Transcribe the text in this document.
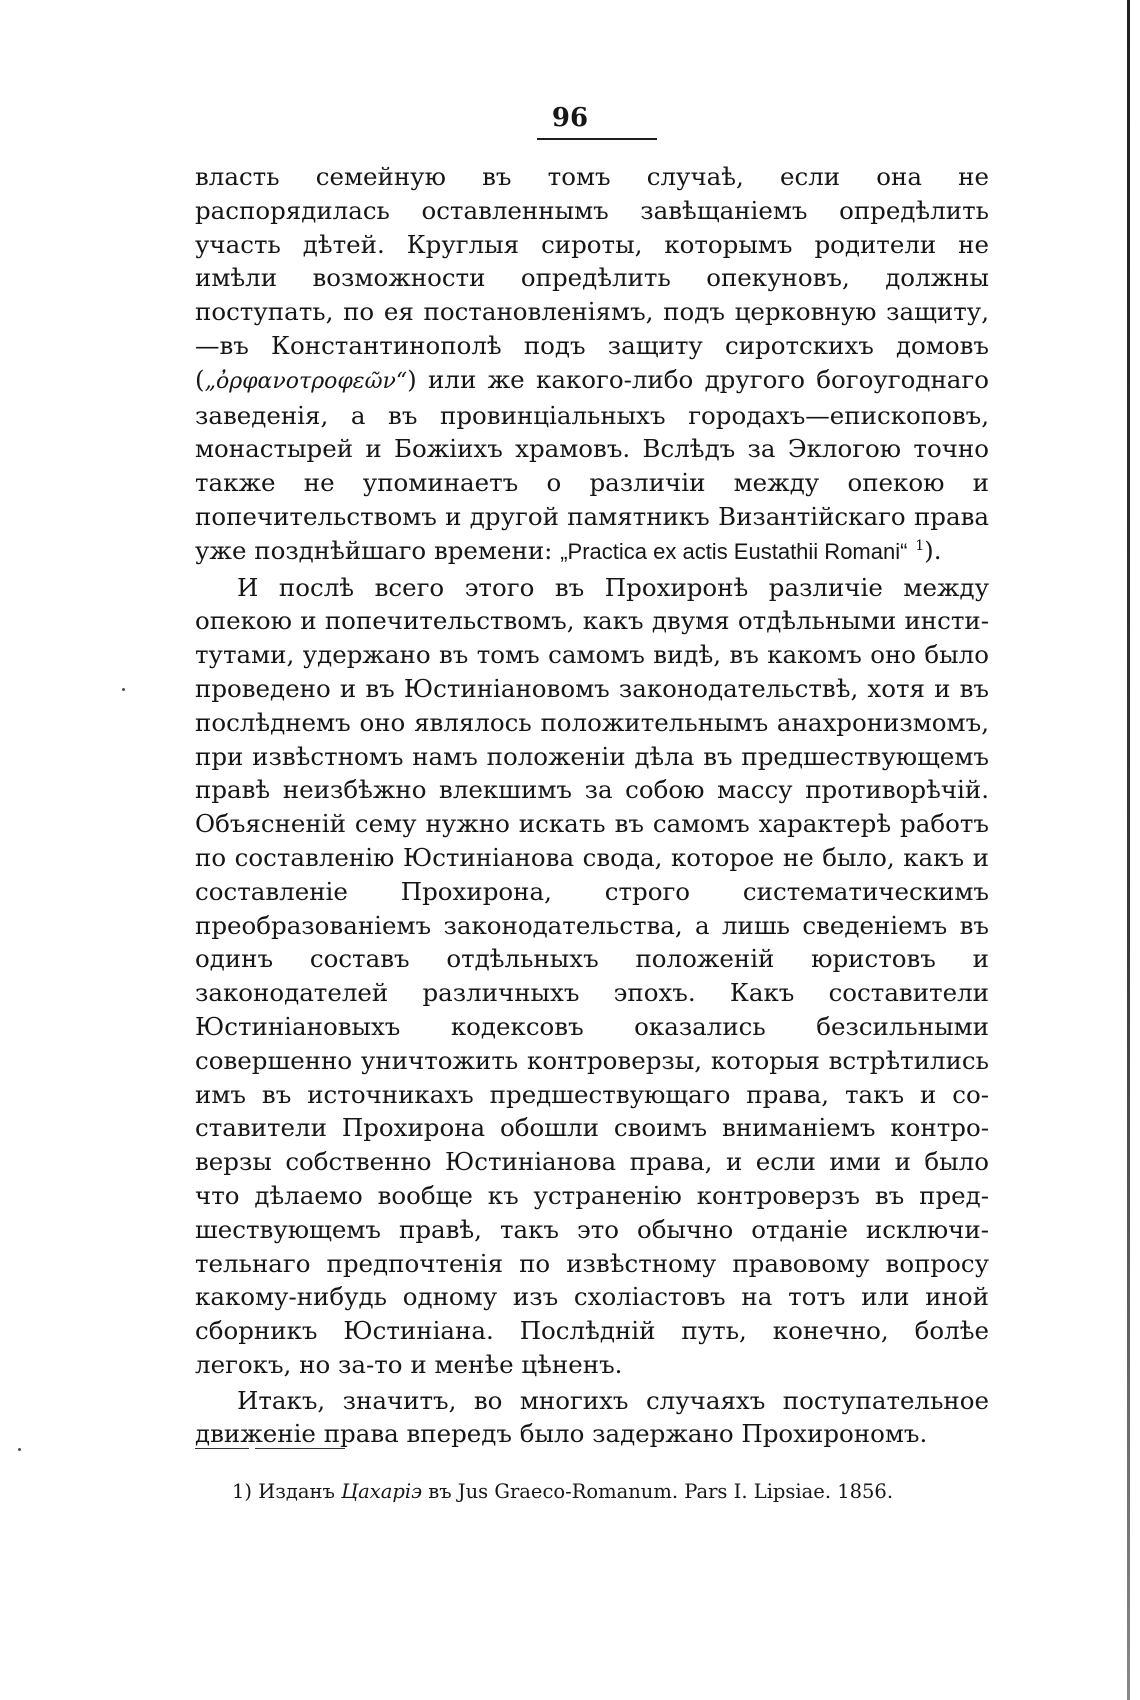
96

власть семейную въ томъ случаѣ, если она не распорядилась оставленнымъ завѣщаніемъ опредѣлить участь дѣтей. Круглыя сироты, которымъ родители не имѣли возможности опредѣлить опекуновъ, должны поступать, по ея постановленіямъ, подъ церковную защиту,—въ Константинополѣ подъ защиту сиротскихъ домовъ („ὀρφανοτροφεῶν“) или же какого-либо другого богоугоднаго заведенія, а въ провинціальныхъ городахъ—епископовъ, монастырей и Божіихъ храмовъ. Вслѣдъ за Эклогою точно также не упоминаетъ о различіи между опекою и попечительствомъ и другой памятникъ Византійскаго права уже позднѣйшаго времени: „Practica ex actis Eustathii Romani“ $^1$).

И послѣ всего этого въ Прохиронѣ различіе между опекою и попечительствомъ, какъ двумя отдѣльными институтами, удержано въ томъ самомъ видѣ, въ какомъ оно было проведено и въ Юстиніановомъ законодательствѣ, хотя и въ послѣднемъ оно являлось положительнымъ анахронизмомъ, при извѣстномъ намъ положеніи дѣла въ предшествующемъ правѣ неизбѣжно влекшимъ за собою массу противорѣчій. Объясненій сему нужно искать въ самомъ характерѣ работъ по составленію Юстиніанова свода, которое не было, какъ и составленіе Прохирона, строго систематическимъ преобразованіемъ законодательства, а лишь сведеніемъ въ одинъ составъ отдѣльныхъ положеній юристовъ и законодателей различныхъ эпохъ. Какъ составители Юстиніановыхъ кодексовъ оказались безсильными совершенно уничтожить контроверзы, которыя встрѣтились имъ въ источникахъ предшествующаго права, такъ и составители Прохирона обошли своимъ вниманіемъ контроверзы собственно Юстиніанова права, и если ими и было что дѣлаемо вообще къ устраненію контроверзъ въ предшествующемъ правѣ, такъ это обычно отданіе исключительнаго предпочтенія по извѣстному правовому вопросу какому-нибудь одному изъ схоліастовъ на тотъ или иной сборникъ Юстиніана. Послѣдній путь, конечно, болѣе легокъ, но за-то и менѣе цѣненъ.

Итакъ, значитъ, во многихъ случаяхъ поступательное движеніе права впередъ было задержано Прохирономъ.

1) Изданъ Цахаріэ въ Jus Graeco-Romanum. Pars I. Lipsiae. 1856.
